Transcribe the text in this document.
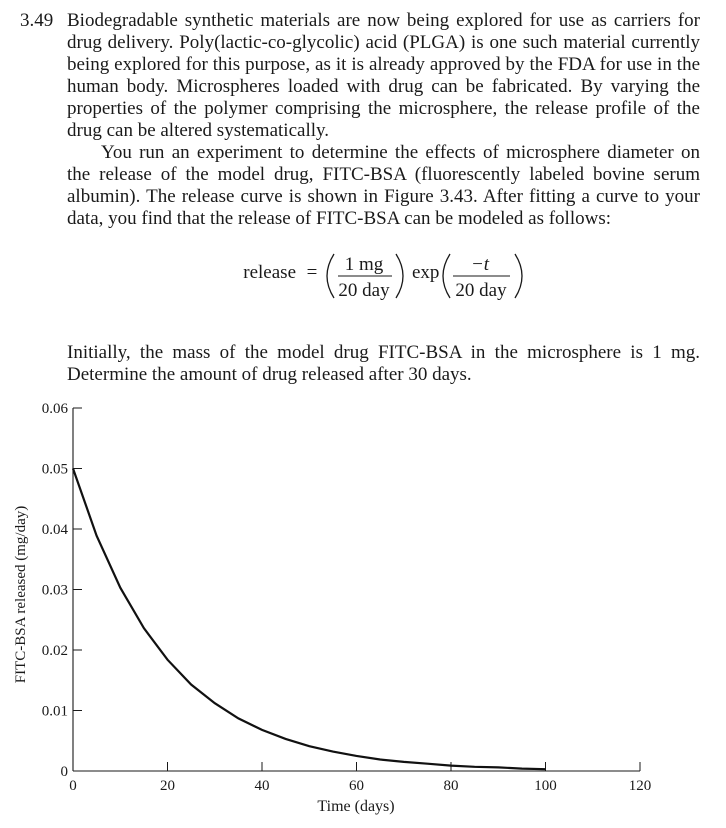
3.49 Biodegradable synthetic materials are now being explored for use as carriers for drug delivery. Poly(lactic-co-glycolic) acid (PLGA) is one such material currently being explored for this purpose, as it is already approved by the FDA for use in the human body. Microspheres loaded with drug can be fabricated. By varying the properties of the polymer comprising the microsphere, the release profile of the drug can be altered systematically.

You run an experiment to determine the effects of microsphere diameter on the release of the model drug, FITC-BSA (fluorescently labeled bovine serum albumin). The release curve is shown in Figure 3.43. After fitting a curve to your data, you find that the release of FITC-BSA can be modeled as follows:

release = 1 mg
20 day
exp −t
20 day

Initially, the mass of the model drug FITC-BSA in the microsphere is 1 mg. Determine the amount of drug released after 30 days.

0	20	40	60	80	100	120
0
0.01
0.02
0.03
0.04
0.05
0.06
Time (days)
FITC-BSA released (mg/day)
